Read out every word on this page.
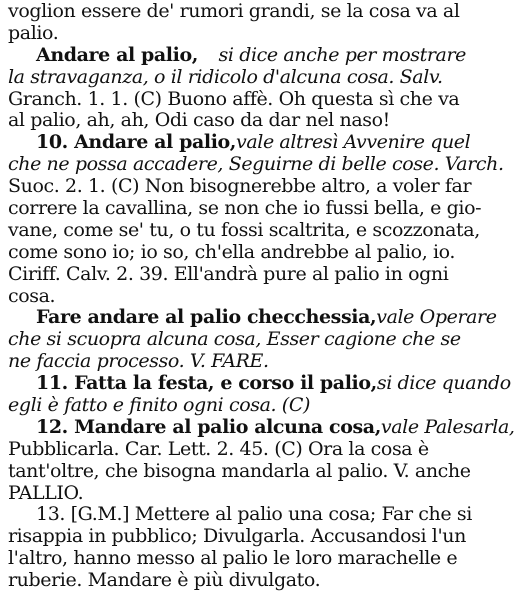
voglion essere de' rumori grandi, se la cosa va al
palio.
Andare al palio, si dice anche per mostrare
la stravaganza, o il ridicolo d'alcuna cosa. Salv.
Granch. 1. 1. (C) Buono affè. Oh questa sì che va
al palio, ah, ah, Odi caso da dar nel naso!
10. Andare al palio, vale altresì Avvenire quel
che ne possa accadere, Seguirne di belle cose. Varch.
Suoc. 2. 1. (C) Non bisognerebbe altro, a voler far
correre la cavallina, se non che io fussi bella, e gio-
vane, come se' tu, o tu fossi scaltrita, e scozzonata,
come sono io; io so, ch'ella andrebbe al palio, io.
Ciriff. Calv. 2. 39. Ell'andrà pure al palio in ogni
cosa.
Fare andare al palio checchessia, vale Operare
che si scuopra alcuna cosa, Esser cagione che se
ne faccia processo. V. FARE.
11. Fatta la festa, e corso il palio, si dice quando
egli è fatto e finito ogni cosa. (C)
12. Mandare al palio alcuna cosa, vale Palesarla,
Pubblicarla. Car. Lett. 2. 45. (C) Ora la cosa è
tant'oltre, che bisogna mandarla al palio. V. anche
PALLIO.
13. [G.M.] Mettere al palio una cosa; Far che si
risappia in pubblico; Divulgarla. Accusandosi l'un
l'altro, hanno messo al palio le loro marachelle e
ruberie. Mandare è più divulgato.
